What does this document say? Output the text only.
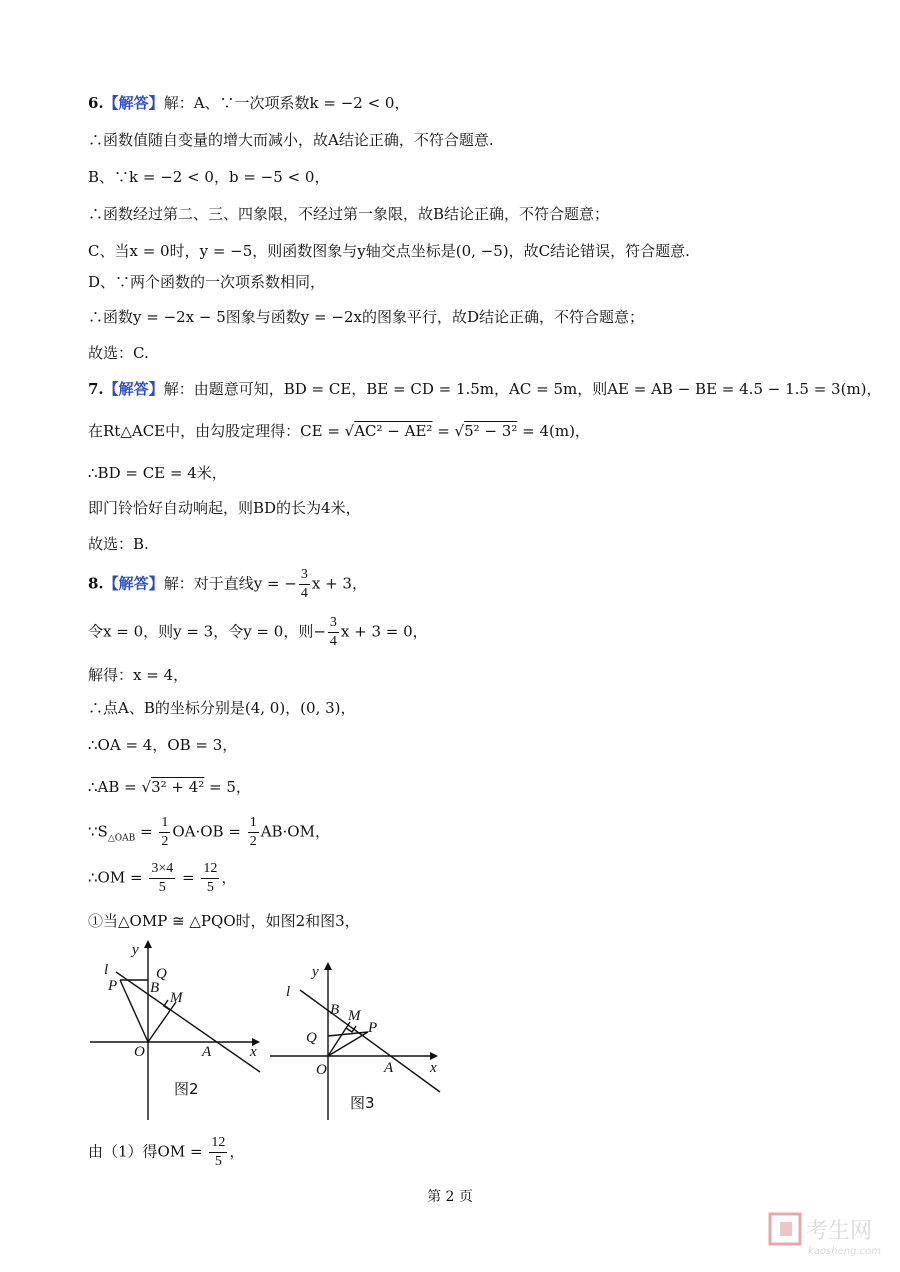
6.【解答】解：A、∵一次项系数k = −2 < 0，
∴函数值随自变量的增大而减小，故A结论正确，不符合题意.
B、∵k = −2 < 0，b = −5 < 0，
∴函数经过第二、三、四象限，不经过第一象限，故B结论正确，不符合题意；
C、当x = 0时，y = −5，则函数图象与y轴交点坐标是(0, −5)，故C结论错误，符合题意.
D、∵两个函数的一次项系数相同，
∴函数y = −2x − 5图象与函数y = −2x的图象平行，故D结论正确，不符合题意；
故选：C.
7.【解答】解：由题意可知，BD = CE，BE = CD = 1.5m，AC = 5m，则AE = AB − BE = 4.5 − 1.5 = 3(m)，
在Rt△ACE中，由勾股定理得：CE = √AC² − AE² = √5² − 3² = 4(m)，
∴BD = CE = 4米，
即门铃恰好自动响起，则BD的长为4米，
故选：B.
8.【解答】解：对于直线y = − $\frac{3}{4}$ x + 3，
令x = 0，则y = 3，令y = 0，则− $\frac{3}{4}$ x + 3 = 0，
解得：x = 4，
∴点A、B的坐标分别是(4, 0)，(0, 3)，
∴OA = 4，OB = 3，
∴AB = √3² + 4² = 5，
$\because S_{\triangle OAB} = \frac{1}{2} OA\cdot OB = \frac{1}{2} AB\cdot OM$，
∴OM = $\frac{3\times 4}{5} = \frac{12}{5}$ ，
①当△OMP ≅ △PQO时，如图2和图3，
y
l	Q
P B
M
O	A	x
图2
y
l
B M
P
Q
O	A x
图3
由（1）得OM = $\frac{12}{5}$ ，
第 2 页
考生网
kaosheng.com
